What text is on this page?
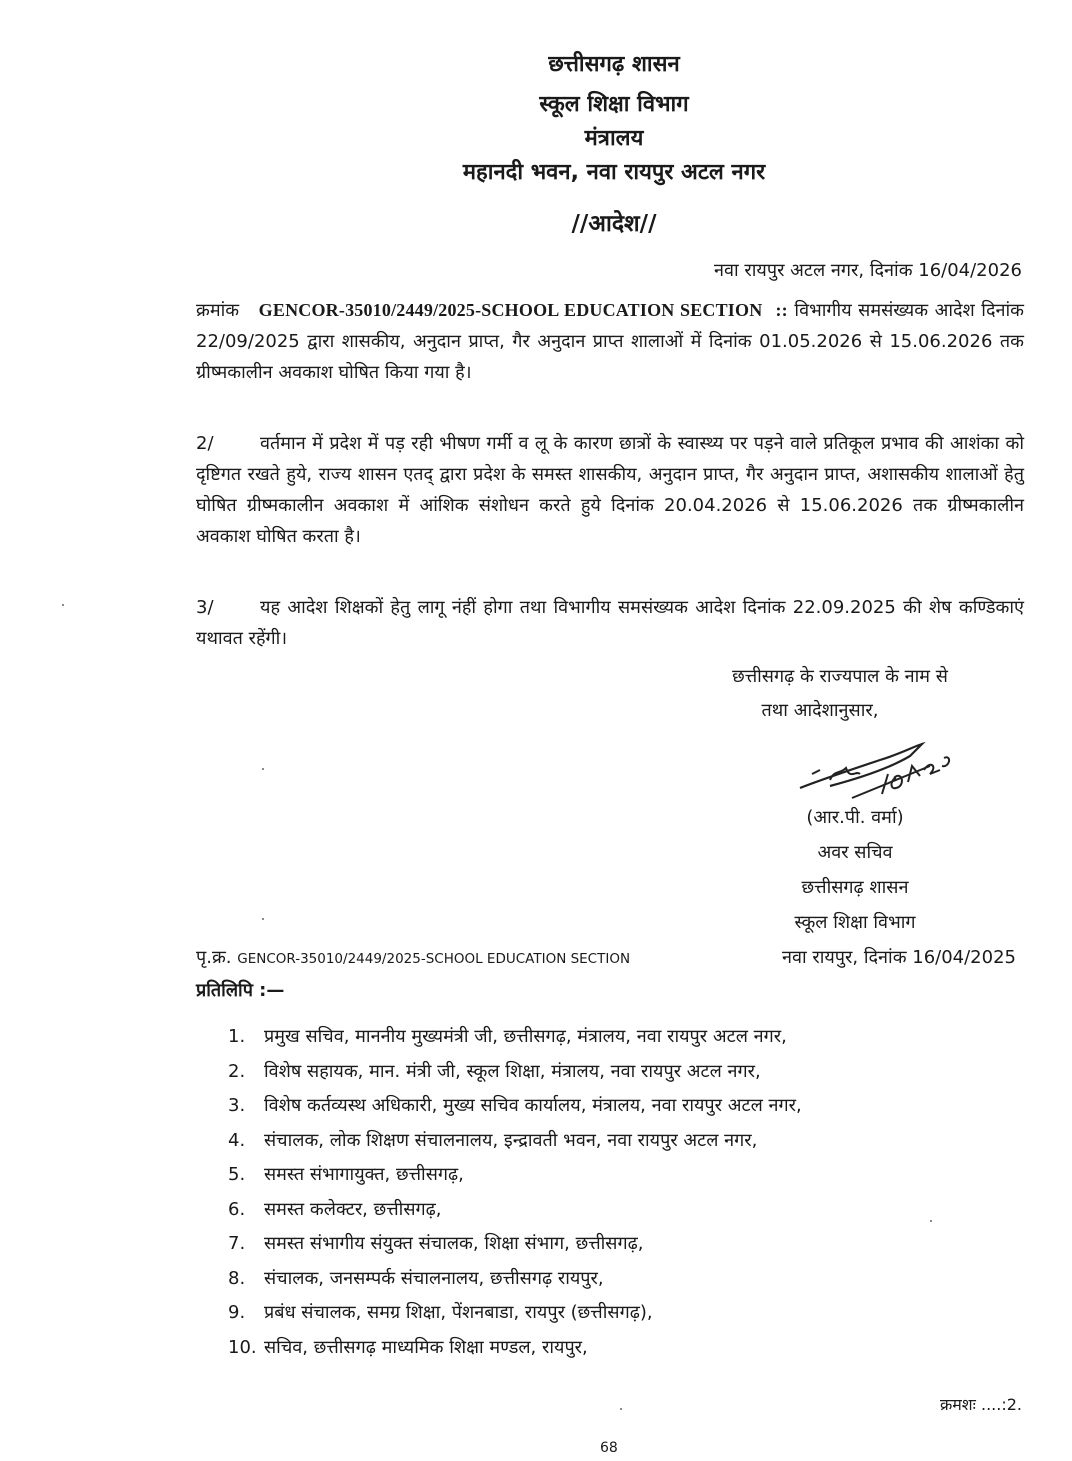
छत्तीसगढ़ शासन
स्कूल शिक्षा विभाग
मंत्रालय
महानदी भवन, नवा रायपुर अटल नगर
//आदेश//
नवा रायपुर अटल नगर, दिनांक 16/04/2026
क्रमांक GENCOR-35010/2449/2025-SCHOOL EDUCATION SECTION :: विभागीय समसंख्यक आदेश दिनांक 22/09/2025 द्वारा शासकीय, अनुदान प्राप्त, गैर अनुदान प्राप्त शालाओं में दिनांक 01.05.2026 से 15.06.2026 तक ग्रीष्मकालीन अवकाश घोषित किया गया है।
2/	वर्तमान में प्रदेश में पड़ रही भीषण गर्मी व लू के कारण छात्रों के स्वास्थ्य पर पड़ने वाले प्रतिकूल प्रभाव की आशंका को दृष्टिगत रखते हुये, राज्य शासन एतद् द्वारा प्रदेश के समस्त शासकीय, अनुदान प्राप्त, गैर अनुदान प्राप्त, अशासकीय शालाओं हेतु घोषित ग्रीष्मकालीन अवकाश में आंशिक संशोधन करते हुये दिनांक 20.04.2026 से 15.06.2026 तक ग्रीष्मकालीन अवकाश घोषित करता है।
3/	यह आदेश शिक्षकों हेतु लागू नंहीं होगा तथा विभागीय समसंख्यक आदेश दिनांक 22.09.2025 की शेष कण्डिकाएं यथावत रहेंगी।
छत्तीसगढ़ के राज्यपाल के नाम से
तथा आदेशानुसार,
(आर.पी. वर्मा)
अवर सचिव
छत्तीसगढ़ शासन
स्कूल शिक्षा विभाग
पृ.क्र. GENCOR-35010/2449/2025-SCHOOL EDUCATION SECTION	नवा रायपुर, दिनांक 16/04/2025
प्रतिलिपि :—
1. प्रमुख सचिव, माननीय मुख्यमंत्री जी, छत्तीसगढ़, मंत्रालय, नवा रायपुर अटल नगर,
2. विशेष सहायक, मान. मंत्री जी, स्कूल शिक्षा, मंत्रालय, नवा रायपुर अटल नगर,
3. विशेष कर्तव्यस्थ अधिकारी, मुख्य सचिव कार्यालय, मंत्रालय, नवा रायपुर अटल नगर,
4. संचालक, लोक शिक्षण संचालनालय, इन्द्रावती भवन, नवा रायपुर अटल नगर,
5. समस्त संभागायुक्त, छत्तीसगढ़,
6. समस्त कलेक्टर, छत्तीसगढ़,
7. समस्त संभागीय संयुक्त संचालक, शिक्षा संभाग, छत्तीसगढ़,
8. संचालक, जनसम्पर्क संचालनालय, छत्तीसगढ़ रायपुर,
9. प्रबंध संचालक, समग्र शिक्षा, पेंशनबाडा, रायपुर (छत्तीसगढ़),
10. सचिव, छत्तीसगढ़ माध्यमिक शिक्षा मण्डल, रायपुर,
क्रमशः ....:2.
68
